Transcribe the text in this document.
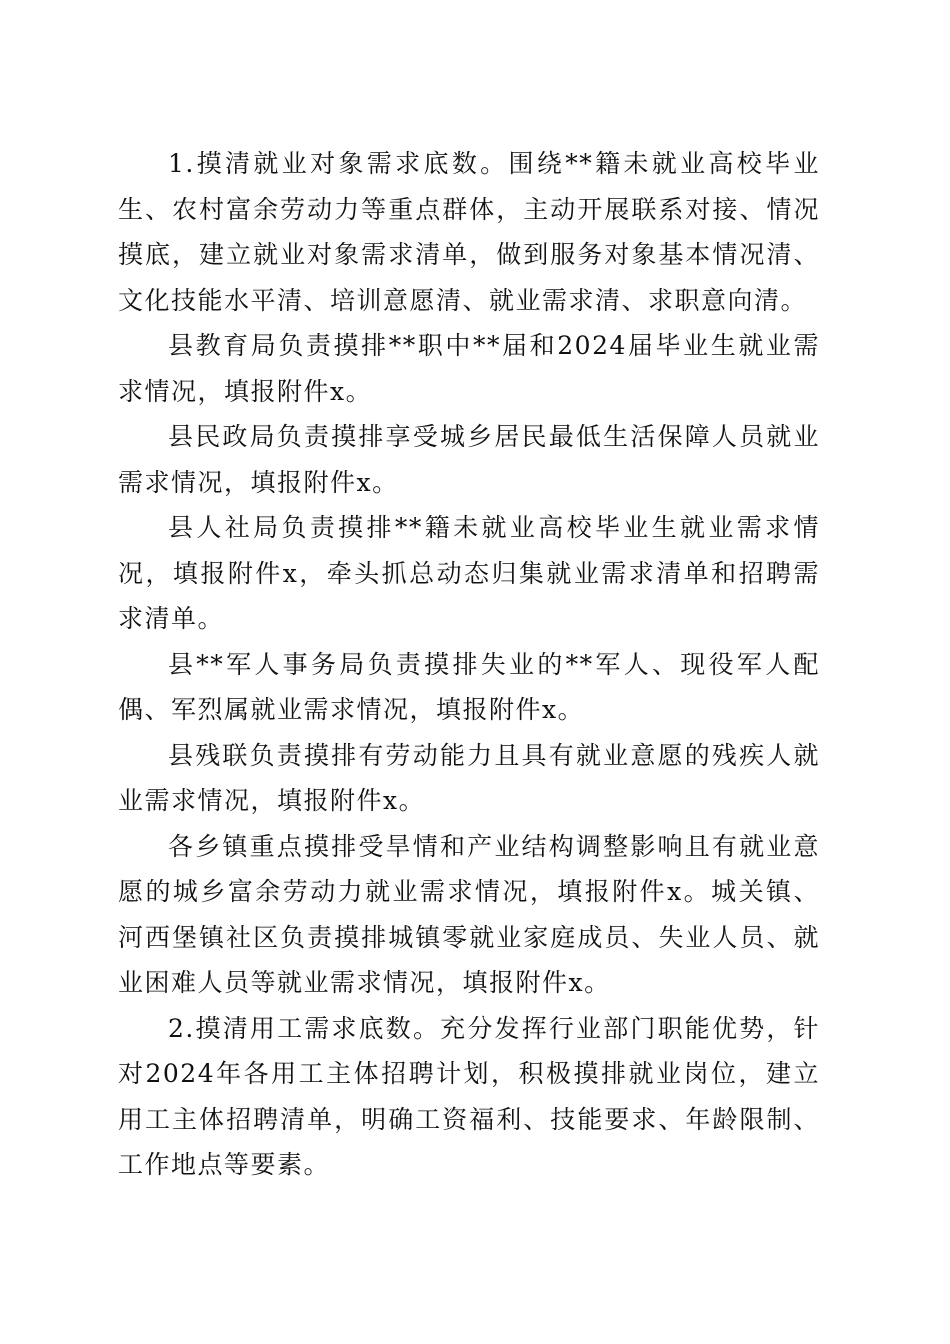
1.摸清就业对象需求底数。围绕**籍未就业高校毕业生、农村富余劳动力等重点群体，主动开展联系对接、情况摸底，建立就业对象需求清单，做到服务对象基本情况清、文化技能水平清、培训意愿清、就业需求清、求职意向清。

县教育局负责摸排**职中**届和2024届毕业生就业需求情况，填报附件x。

县民政局负责摸排享受城乡居民最低生活保障人员就业需求情况，填报附件x。

县人社局负责摸排**籍未就业高校毕业生就业需求情况，填报附件x，牵头抓总动态归集就业需求清单和招聘需求清单。

县**军人事务局负责摸排失业的**军人、现役军人配偶、军烈属就业需求情况，填报附件x。

县残联负责摸排有劳动能力且具有就业意愿的残疾人就业需求情况，填报附件x。

各乡镇重点摸排受旱情和产业结构调整影响且有就业意愿的城乡富余劳动力就业需求情况，填报附件x。城关镇、河西堡镇社区负责摸排城镇零就业家庭成员、失业人员、就业困难人员等就业需求情况，填报附件x。

2.摸清用工需求底数。充分发挥行业部门职能优势，针对2024年各用工主体招聘计划，积极摸排就业岗位，建立用工主体招聘清单，明确工资福利、技能要求、年龄限制、工作地点等要素。
